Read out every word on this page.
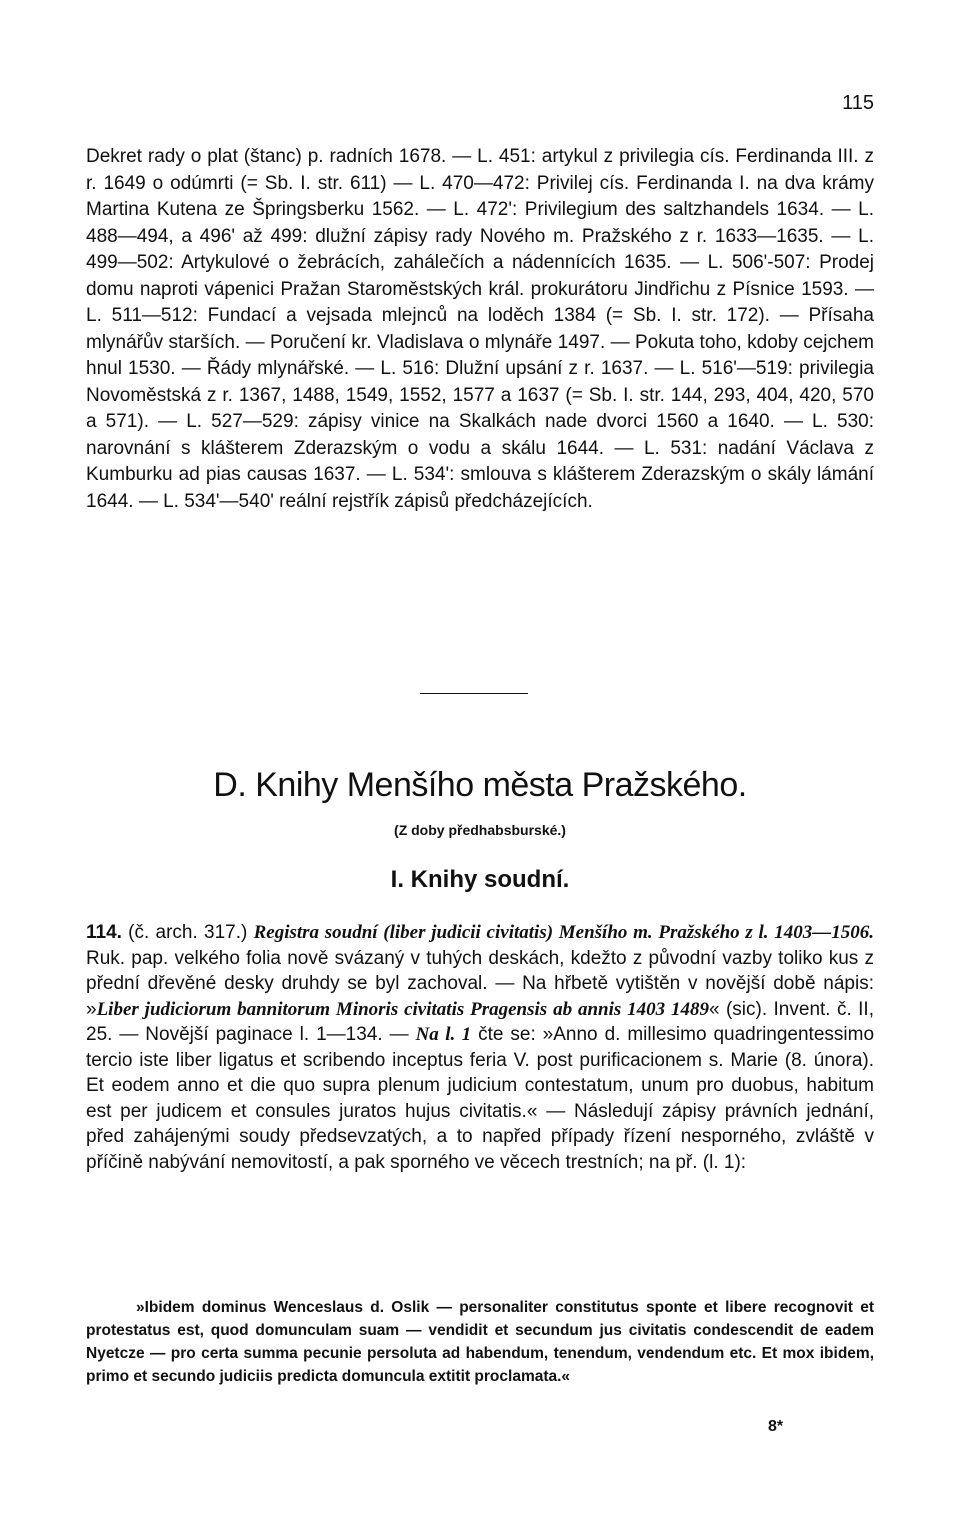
115

Dekret rady o plat (štanc) p. radních 1678. — L. 451: artykul z privilegia cís. Ferdinanda III. z r. 1649 o odúmrti (= Sb. I. str. 611) — L. 470—472: Privilej cís. Ferdinanda I. na dva krámy Martina Kutena ze Špringsberku 1562. — L. 472': Privilegium des saltzhandels 1634. — L. 488—494, a 496' až 499: dlužní zápisy rady Nového m. Pražského z r. 1633—1635. — L. 499—502: Artykulové o žebrácích, zahálečích a nádennících 1635. — L. 506'-507: Prodej domu naproti vápenici Pražan Staroměstských král. prokurátoru Jindřichu z Písnice 1593. — L. 511—512: Fundací a vejsada mlejnců na loděch 1384 (= Sb. I. str. 172). — Přísaha mlynářův starších. — Poručení kr. Vladislava o mlynáře 1497. — Pokuta toho, kdoby cejchem hnul 1530. — Řády mlynářské. — L. 516: Dlužní upsání z r. 1637. — L. 516'—519: privilegia Novoměstská z r. 1367, 1488, 1549, 1552, 1577 a 1637 (= Sb. I. str. 144, 293, 404, 420, 570 a 571). — L. 527—529: zápisy vinice na Skalkách nade dvorci 1560 a 1640. — L. 530: narovnání s klášterem Zderazským o vodu a skálu 1644. — L. 531: nadání Václava z Kumburku ad pias causas 1637. — L. 534': smlouva s klášterem Zderazským o skály lámání 1644. — L. 534'—540' reální rejstřík zápisů předcházejících.

D. Knihy Menšího města Pražského.
(Z doby předhabsburské.)
I. Knihy soudní.

114. (č. arch. 317.) Registra soudní (liber judicii civitatis) Menšího m. Pražského z l. 1403—1506. Ruk. pap. velkého folia nově svázaný v tuhých deskách, kdežto z původní vazby toliko kus z přední dřevěné desky druhdy se byl zachoval. — Na hřbetě vytištěn v novější době nápis: »Liber judiciorum bannitorum Minoris civitatis Pragensis ab annis 1403 1489« (sic). Invent. č. II, 25. — Novější paginace l. 1—134. — Na l. 1 čte se: »Anno d. millesimo quadringentessimo tercio iste liber ligatus et scribendo inceptus feria V. post purificacionem s. Marie (8. února). Et eodem anno et die quo supra plenum judicium contestatum, unum pro duobus, habitum est per judicem et consules juratos hujus civitatis.« — Následují zápisy právních jednání, před zahájenými soudy předsevzatých, a to napřed případy řízení nesporného, zvláště v příčině nabývání nemovitostí, a pak sporného ve věcech trestních; na př. (l. 1):

»Ibidem dominus Wenceslaus d. Oslik — personaliter constitutus sponte et libere recognovit et protestatus est, quod domunculam suam — vendidit et secundum jus civitatis condescendit de eadem Nyetcze — pro certa summa pecunie persoluta ad habendum, tenendum, vendendum etc. Et mox ibidem, primo et secundo judiciis predicta domuncula extitit proclamata.«

8*
